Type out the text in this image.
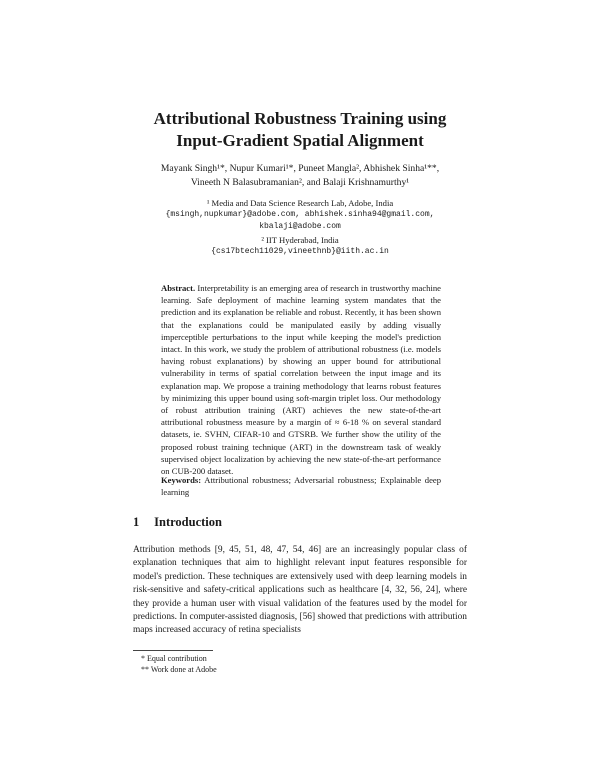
Attributional Robustness Training using
Input-Gradient Spatial Alignment
Mayank Singh¹*, Nupur Kumari¹*, Puneet Mangla², Abhishek Sinha¹**,
Vineeth N Balasubramanian², and Balaji Krishnamurthy¹
¹ Media and Data Science Research Lab, Adobe, India
{msingh,nupkumar}@adobe.com, abhishek.sinha94@gmail.com,
kbalaji@adobe.com
² IIT Hyderabad, India
{cs17btech11029,vineethnb}@iith.ac.in
Abstract. Interpretability is an emerging area of research in trustworthy machine learning. Safe deployment of machine learning system mandates that the prediction and its explanation be reliable and robust. Recently, it has been shown that the explanations could be manipulated easily by adding visually imperceptible perturbations to the input while keeping the model's prediction intact. In this work, we study the problem of attributional robustness (i.e. models having robust explanations) by showing an upper bound for attributional vulnerability in terms of spatial correlation between the input image and its explanation map. We propose a training methodology that learns robust features by minimizing this upper bound using soft-margin triplet loss. Our methodology of robust attribution training (ART) achieves the new state-of-the-art attributional robustness measure by a margin of ≈ 6-18 % on several standard datasets, ie. SVHN, CIFAR-10 and GTSRB. We further show the utility of the proposed robust training technique (ART) in the downstream task of weakly supervised object localization by achieving the new state-of-the-art performance on CUB-200 dataset.
Keywords: Attributional robustness; Adversarial robustness; Explainable deep learning
1 Introduction
Attribution methods [9, 45, 51, 48, 47, 54, 46] are an increasingly popular class of explanation techniques that aim to highlight relevant input features responsible for model's prediction. These techniques are extensively used with deep learning models in risk-sensitive and safety-critical applications such as healthcare [4, 32, 56, 24], where they provide a human user with visual validation of the features used by the model for predictions. In computer-assisted diagnosis, [56] showed that predictions with attribution maps increased accuracy of retina specialists
* Equal contribution
** Work done at Adobe
